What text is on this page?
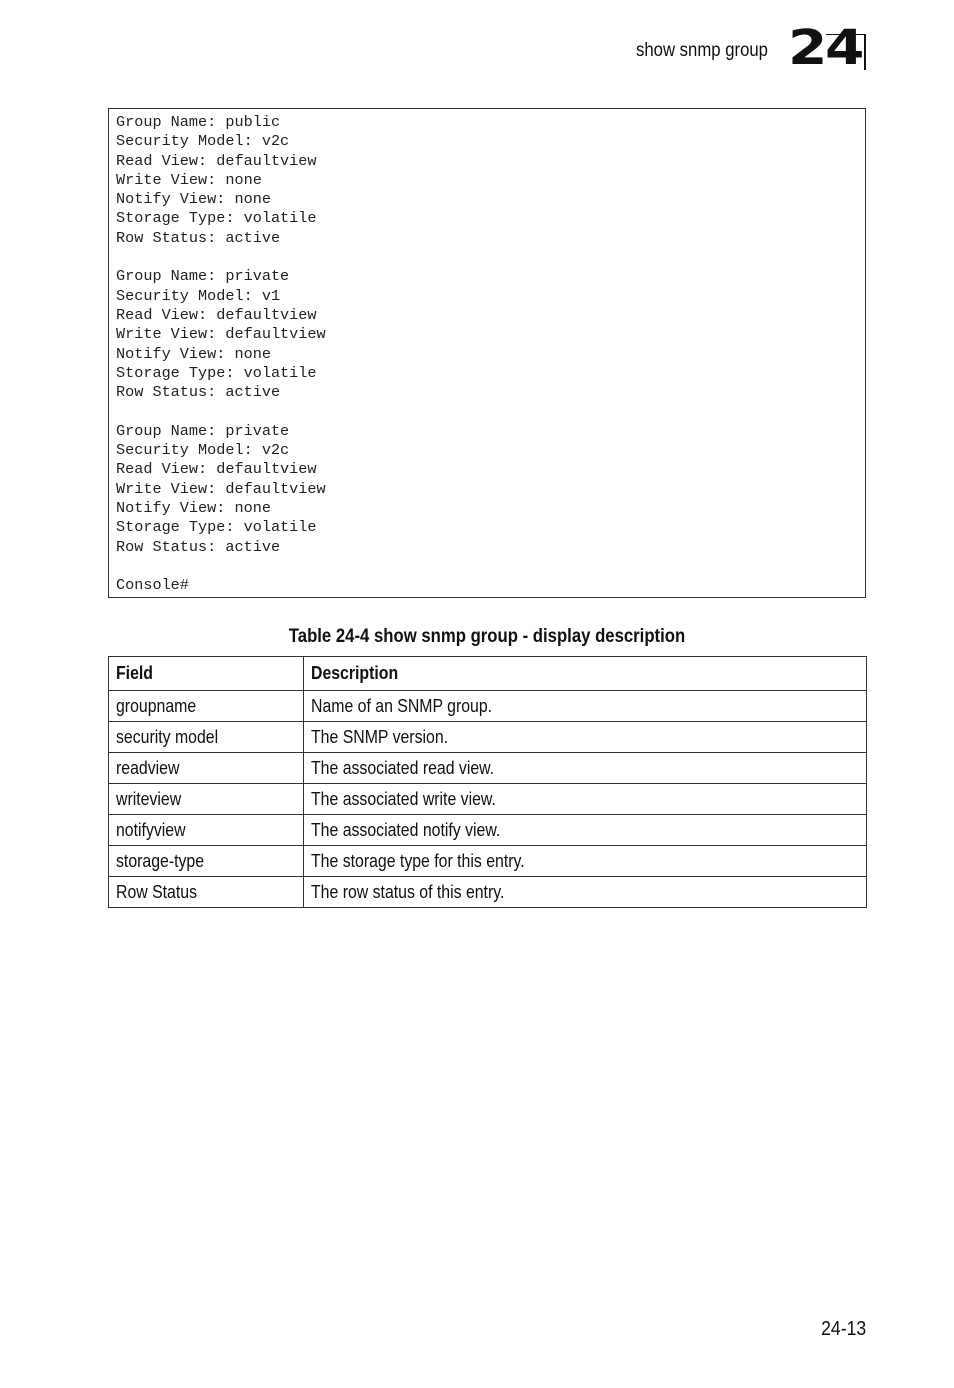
show snmp group 24
Group Name: public
Security Model: v2c
Read View: defaultview
Write View: none
Notify View: none
Storage Type: volatile
Row Status: active
Group Name: private
Security Model: v1
Read View: defaultview
Write View: defaultview
Notify View: none
Storage Type: volatile
Row Status: active
Group Name: private
Security Model: v2c
Read View: defaultview
Write View: defaultview
Notify View: none
Storage Type: volatile
Row Status: active
Console#
Table 24-4 show snmp group - display description
Field	Description
groupname	Name of an SNMP group.
security model	The SNMP version.
readview	The associated read view.
writeview	The associated write view.
notifyview	The associated notify view.
storage-type	The storage type for this entry.
Row Status	The row status of this entry.
24-13
